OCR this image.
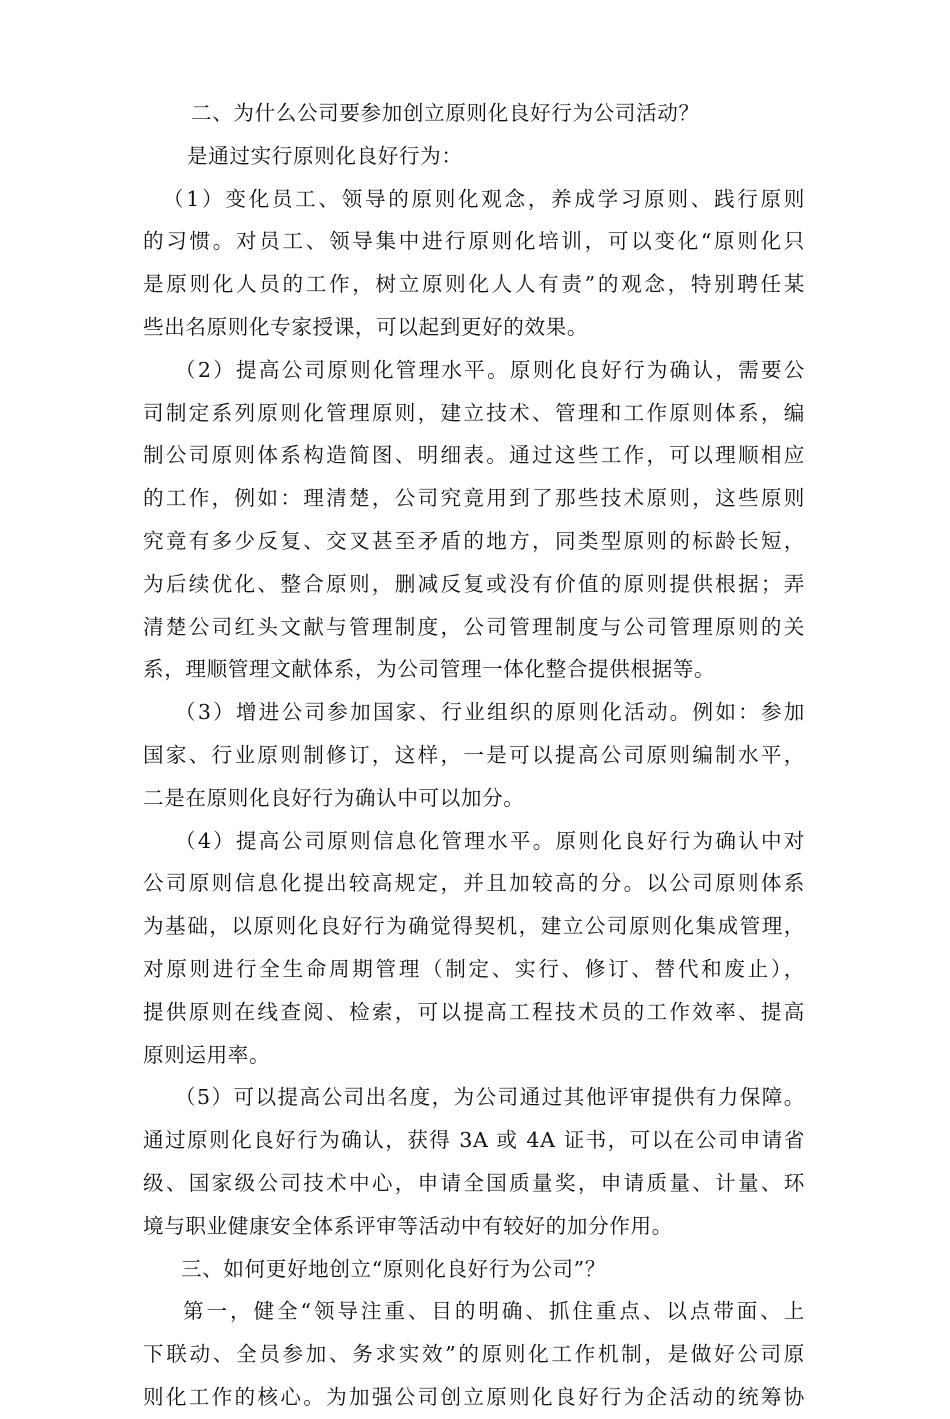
二、为什么公司要参加创立原则化良好行为公司活动？
是通过实行原则化良好行为：
（1）变化员工、领导的原则化观念，养成学习原则、践行原则
的习惯。对员工、领导集中进行原则化培训，可以变化“原则化只
是原则化人员的工作，树立原则化人人有责”的观念，特别聘任某
些出名原则化专家授课，可以起到更好的效果。
（2）提高公司原则化管理水平。原则化良好行为确认，需要公
司制定系列原则化管理原则，建立技术、管理和工作原则体系，编
制公司原则体系构造简图、明细表。通过这些工作，可以理顺相应
的工作，例如：理清楚，公司究竟用到了那些技术原则，这些原则
究竟有多少反复、交叉甚至矛盾的地方，同类型原则的标龄长短，
为后续优化、整合原则，删减反复或没有价值的原则提供根据；弄
清楚公司红头文献与管理制度，公司管理制度与公司管理原则的关
系，理顺管理文献体系，为公司管理一体化整合提供根据等。
（3）增进公司参加国家、行业组织的原则化活动。例如：参加
国家、行业原则制修订，这样，一是可以提高公司原则编制水平，
二是在原则化良好行为确认中可以加分。
（4）提高公司原则信息化管理水平。原则化良好行为确认中对
公司原则信息化提出较高规定，并且加较高的分。以公司原则体系
为基础，以原则化良好行为确觉得契机，建立公司原则化集成管理，
对原则进行全生命周期管理（制定、实行、修订、替代和废止），
提供原则在线查阅、检索，可以提高工程技术员的工作效率、提高
原则运用率。
（5）可以提高公司出名度，为公司通过其他评审提供有力保障。
通过原则化良好行为确认，获得 3A 或 4A 证书，可以在公司申请省
级、国家级公司技术中心，申请全国质量奖，申请质量、计量、环
境与职业健康安全体系评审等活动中有较好的加分作用。
三、如何更好地创立“原则化良好行为公司”？
第一，健全“领导注重、目的明确、抓住重点、以点带面、上
下联动、全员参加、务求实效”的原则化工作机制，是做好公司原
则化工作的核心。为加强公司创立原则化良好行为企活动的统筹协
